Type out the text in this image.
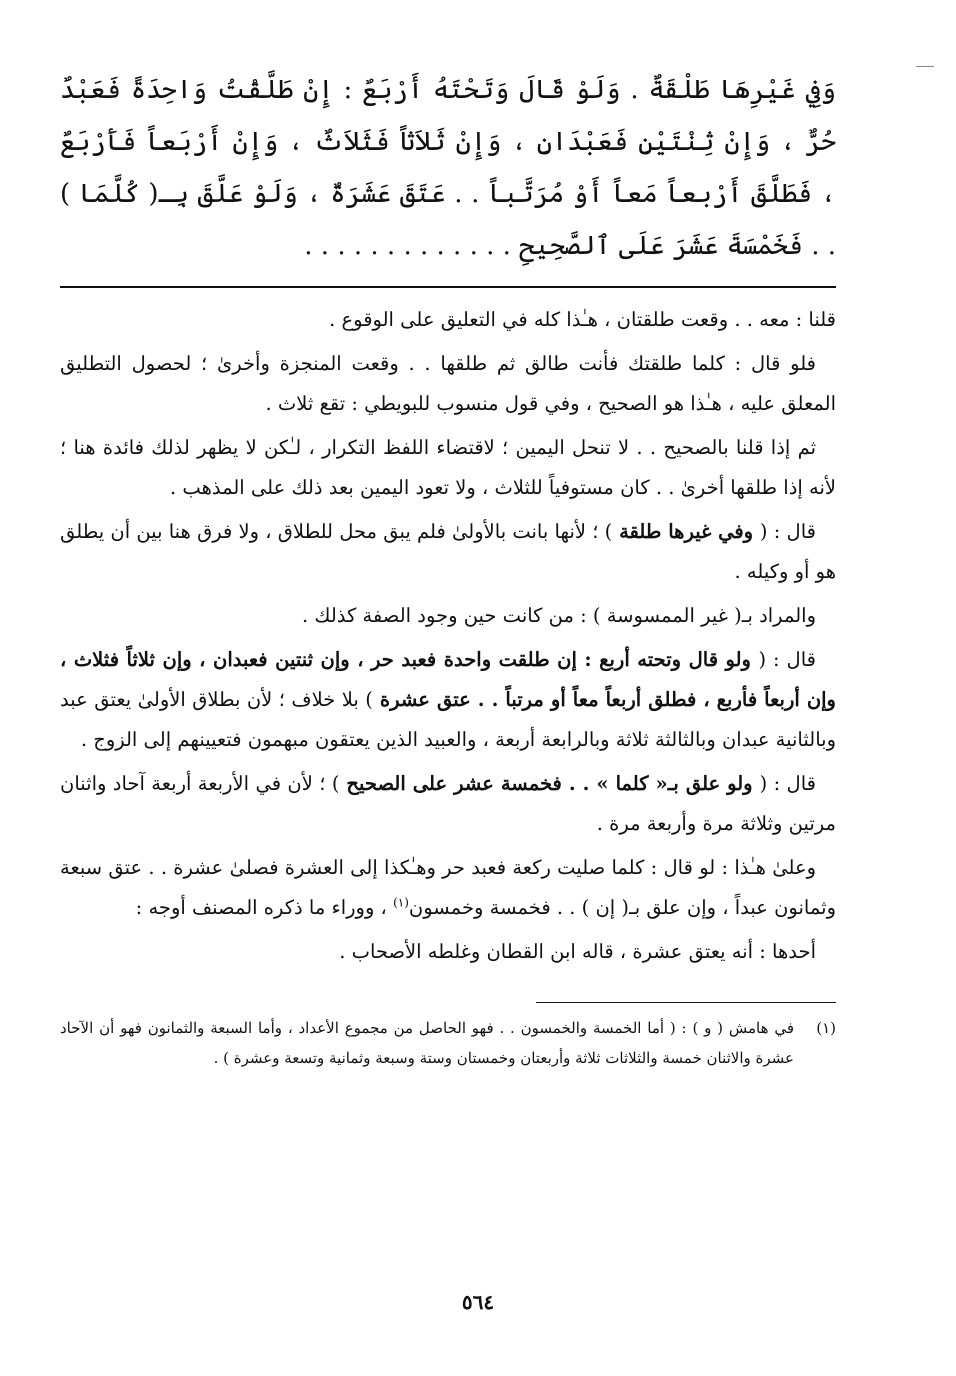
وَفِي غَيْرِهَا طَلْقَةٌ . وَلَوْ قَالَ وَتَحْتَهُ أَرْبَعٌ : إِنْ طَلَّقْتُ وَاحِدَةً فَعَبْدٌ حُرٌّ ، وَإِنْ ثِنْتَيْنِ فَعَبْدَانِ ، وَإِنْ ثَلاَثاً فَثَلاَثٌ ، وَإِنْ أَرْبَعاً فَأَرْبَعٌ ، فَطَلَّقَ أَرْبعاً مَعاً أَوْ مُرَتَّباً . . عَتَقَ عَشَرَةٌ ، وَلَوْ عَلَّقَ بِـ( كُلَّمَا ) . . فَخَمْسَةَ عَشَرَ عَلَى ٱلصَّحِيحِ . . . . . . . . . . . . .

قلنا : معه . . وقعت طلقتان ، هـٰذا كله في التعليق على الوقوع .

فلو قال : كلما طلقتك فأنت طالق ثم طلقها . . وقعت المنجزة وأخرىٰ ؛ لحصول التطليق المعلق عليه ، هـٰذا هو الصحيح ، وفي قول منسوب للبويطي : تقع ثلاث .

ثم إذا قلنا بالصحيح . . لا تنحل اليمين ؛ لاقتضاء اللفظ التكرار ، لـٰكن لا يظهر لذلك فائدة هنا ؛ لأنه إذا طلقها أخرىٰ . . كان مستوفياً للثلاث ، ولا تعود اليمين بعد ذلك على المذهب .

قال : ( وفي غيرها طلقة ) ؛ لأنها بانت بالأولىٰ فلم يبق محل للطلاق ، ولا فرق هنا بين أن يطلق هو أو وكيله .

والمراد بـ( غير الممسوسة ) : من كانت حين وجود الصفة كذلك .

قال : ( ولو قال وتحته أربع : إن طلقت واحدة فعبد حر ، وإن ثنتين فعبدان ، وإن ثلاثاً فثلاث ، وإن أربعاً فأربع ، فطلق أربعاً معاً أو مرتباً . . عتق عشرة ) بلا خلاف ؛ لأن بطلاق الأولىٰ يعتق عبد وبالثانية عبدان وبالثالثة ثلاثة وبالرابعة أربعة ، والعبيد الذين يعتقون مبهمون فتعيينهم إلى الزوج .

قال : ( ولو علق بـ« كلما » . . فخمسة عشر على الصحيح ) ؛ لأن في الأربعة أربعة آحاد واثنان مرتين وثلاثة مرة وأربعة مرة .

وعلىٰ هـٰذا : لو قال : كلما صليت ركعة فعبد حر وهـٰكذا إلى العشرة فصلىٰ عشرة . . عتق سبعة وثمانون عبداً ، وإن علق بـ( إن ) . . فخمسة وخمسون$^{(١)}$ ، ووراء ما ذكره المصنف أوجه :

أحدها : أنه يعتق عشرة ، قاله ابن القطان وغلطه الأصحاب .

(١)
في هامش ( و ) : ( أما الخمسة والخمسون . . فهو الحاصل من مجموع الأعداد ، وأما السبعة والثمانون فهو أن الآحاد عشرة والاثنان خمسة والثلاثات ثلاثة وأربعتان وخمستان وستة وسبعة وثمانية وتسعة وعشرة ) .
٥٦٤
